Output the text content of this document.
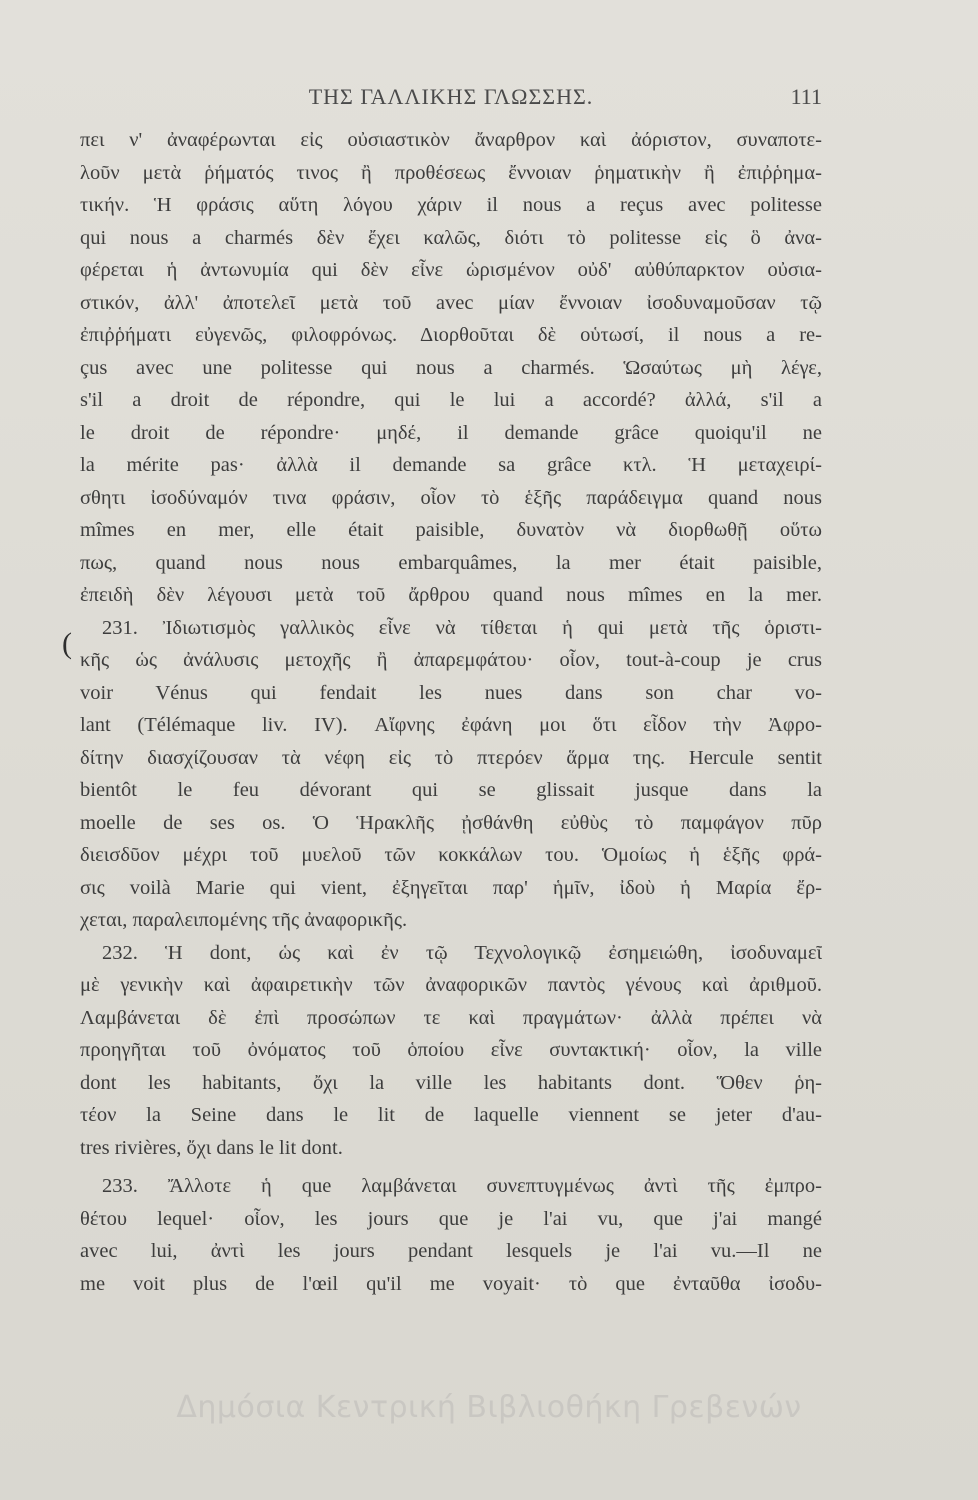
ΤΗΣ ΓΑΛΛΙΚΗΣ ΓΛΩΣΣΗΣ.	111
(
πει ν' ἀναφέρωνται εἰς οὐσιαστικὸν ἄναρθρον καὶ ἀόριστον, συναποτε-
λοῦν μετὰ ῥήματός τινος ἢ προθέσεως ἔννοιαν ῥηματικὴν ἢ ἐπιῤῥημα-
τικήν. Ἡ φράσις αὕτη λόγου χάριν il nous a reçus avec politesse
qui nous a charmés δὲν ἔχει καλῶς, διότι τὸ politesse εἰς ὃ ἀνα-
φέρεται ἡ ἀντωνυμία qui δὲν εἶνε ὡρισμένον οὐδ' αὐθύπαρκτον οὐσια-
στικόν, ἀλλ' ἀποτελεῖ μετὰ τοῦ avec μίαν ἔννοιαν ἰσοδυναμοῦσαν τῷ
ἐπιῤῥήματι εὐγενῶς, φιλοφρόνως. Διορθοῦται δὲ οὑτωσί, il nous a re-
çus avec une politesse qui nous a charmés. Ὡσαύτως μὴ λέγε,
s'il a droit de répondre, qui le lui a accordé? ἀλλά, s'il a
le droit de répondre· μηδέ, il demande grâce quoiqu'il ne
la mérite pas· ἀλλὰ il demande sa grâce κτλ. Ἡ μεταχειρί-
σθητι ἰσοδύναμόν τινα φράσιν, οἷον τὸ ἑξῆς παράδειγμα quand nous
mîmes en mer, elle était paisible, δυνατὸν νὰ διορθωθῇ οὕτω
πως, quand nous nous embarquâmes, la mer était paisible,
ἐπειδὴ δὲν λέγουσι μετὰ τοῦ ἄρθρου quand nous mîmes en la mer.
231. Ἰδιωτισμὸς γαλλικὸς εἶνε νὰ τίθεται ἡ qui μετὰ τῆς ὁριστι-
κῆς ὡς ἀνάλυσις μετοχῆς ἢ ἀπαρεμφάτου· οἷον, tout-à-coup je crus
voir Vénus qui fendait les nues dans son char vo-
lant (Télémaque liv. IV). Αἴφνης ἐφάνη μοι ὅτι εἶδον τὴν Ἀφρο-
δίτην διασχίζουσαν τὰ νέφη εἰς τὸ πτερόεν ἅρμα της. Hercule sentit
bientôt le feu dévorant qui se glissait jusque dans la
moelle de ses os. Ὁ Ἡρακλῆς ᾐσθάνθη εὐθὺς τὸ παμφάγον πῦρ
διεισδῦον μέχρι τοῦ μυελοῦ τῶν κοκκάλων του. Ὁμοίως ἡ ἑξῆς φρά-
σις voilà Marie qui vient, ἐξηγεῖται παρ' ἡμῖν, ἰδοὺ ἡ Μαρία ἔρ-
χεται, παραλειπομένης τῆς ἀναφορικῆς.
232. Ἡ dont, ὡς καὶ ἐν τῷ Τεχνολογικῷ ἐσημειώθη, ἰσοδυναμεῖ
μὲ γενικὴν καὶ ἀφαιρετικὴν τῶν ἀναφορικῶν παντὸς γένους καὶ ἀριθμοῦ.
Λαμβάνεται δὲ ἐπὶ προσώπων τε καὶ πραγμάτων· ἀλλὰ πρέπει νὰ
προηγῆται τοῦ ὀνόματος τοῦ ὁποίου εἶνε συντακτική· οἷον, la ville
dont les habitants, ὄχι la ville les habitants dont. Ὅθεν ῥη-
τέον la Seine dans le lit de laquelle viennent se jeter d'au-
tres rivières, ὄχι dans le lit dont.
233. Ἄλλοτε ἡ que λαμβάνεται συνεπτυγμένως ἀντὶ τῆς ἐμπρο-
θέτου lequel· οἷον, les jours que je l'ai vu, que j'ai mangé
avec lui, ἀντὶ les jours pendant lesquels je l'ai vu.—Il ne
me voit plus de l'œil qu'il me voyait· τὸ que ἐνταῦθα ἰσοδυ-
Δημόσια Κεντρική Βιβλιοθήκη Γρεβενών
